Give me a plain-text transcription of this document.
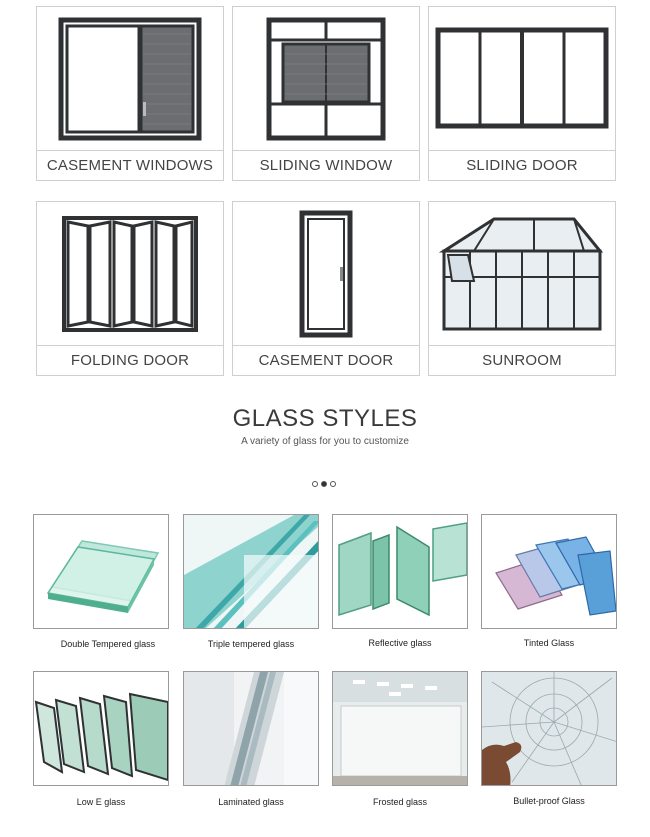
CASEMENT WINDOWS	SLIDING WINDOW	SLIDING DOOR
FOLDING DOOR	CASEMENT DOOR	SUNROOM
GLASS STYLES
A variety of glass for you to customize
Double Tempered glass	Triple tempered glass	Reflective glass	Tinted Glass
Low E glass	Laminated glass	Frosted glass	Bullet-proof Glass
